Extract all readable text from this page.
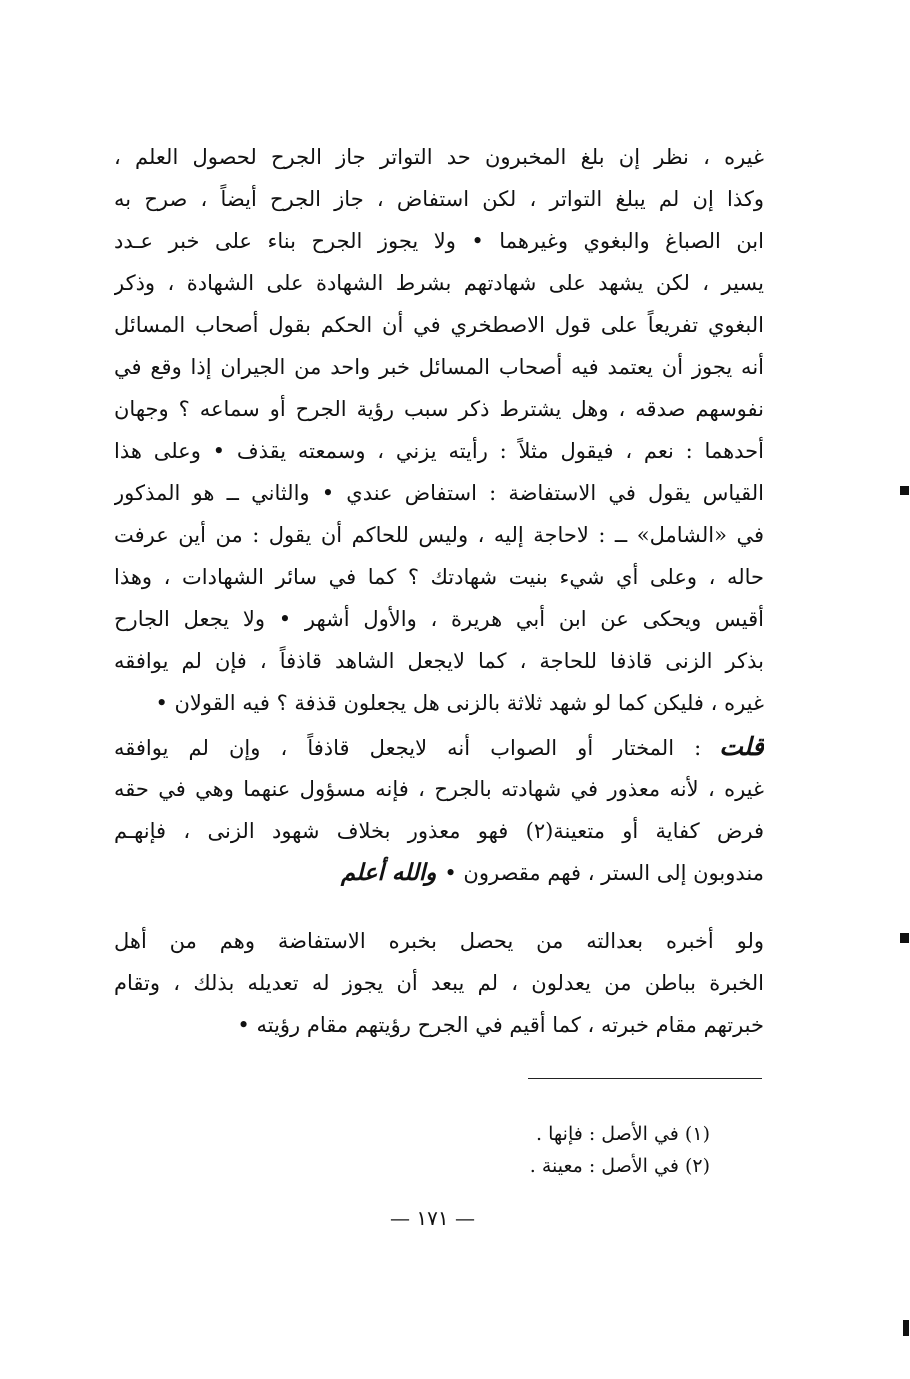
غيره ، نظر إن بلغ المخبرون حد التواتر جاز الجرح لحصول العلم ،
وكذا إن لم يبلغ التواتر ، لكن استفاض ، جاز الجرح أيضاً ، صرح به
ابن الصباغ والبغوي وغيرهما • ولا يجوز الجرح بناء على خبر عـدد
يسير ، لكن يشهد على شهادتهم بشرط الشهادة على الشهادة ، وذكر
البغوي تفريعاً على قول الاصطخري في أن الحكم بقول أصحاب المسائل
أنه يجوز أن يعتمد فيه أصحاب المسائل خبر واحد من الجيران إذا وقع في
نفوسهم صدقه ، وهل يشترط ذكر سبب رؤية الجرح أو سماعه ؟ وجهان
أحدهما : نعم ، فيقول مثلاً : رأيته يزني ، وسمعته يقذف • وعلى هذا
القياس يقول في الاستفاضة : استفاض عندي • والثاني ــ هو المذكور
في «الشامل» ــ : لاحاجة إليه ، وليس للحاكم أن يقول : من أين عرفت
حاله ، وعلى أي شيء بنيت شهادتك ؟ كما في سائر الشهادات ، وهذا
أقيس ويحكى عن ابن أبي هريرة ، والأول أشهر • ولا يجعل الجارح
بذكر الزنى قاذفا للحاجة ، كما لايجعل الشاهد قاذفاً ، فإن لم يوافقه
غيره ، فليكن كما لو شهد ثلاثة بالزنى هل يجعلون قذفة ؟ فيه القولان •
قلت: المختار أو الصواب أنه لايجعل قاذفاً ، وإن لم يوافقه
غيره ، لأنه معذور في شهادته بالجرح ، فإنه مسؤول عنهما وهي في حقه
فرض كفاية أو متعينة(٢) فهو معذور بخلاف شهود الزنى ، فإنهـم
مندوبون إلى الستر ، فهم مقصرون •والله أعلم
ولو أخبره بعدالته من يحصل بخبره الاستفاضة وهم من أهل
الخبرة بباطن من يعدلون ، لم يبعد أن يجوز له تعديله بذلك ، وتقام
خبرتهم مقام خبرته ، كما أقيم في الجرح رؤيتهم مقام رؤيته •
(١) في الأصل : فإنها .
(٢) في الأصل : معينة .
— ١٧١ —
